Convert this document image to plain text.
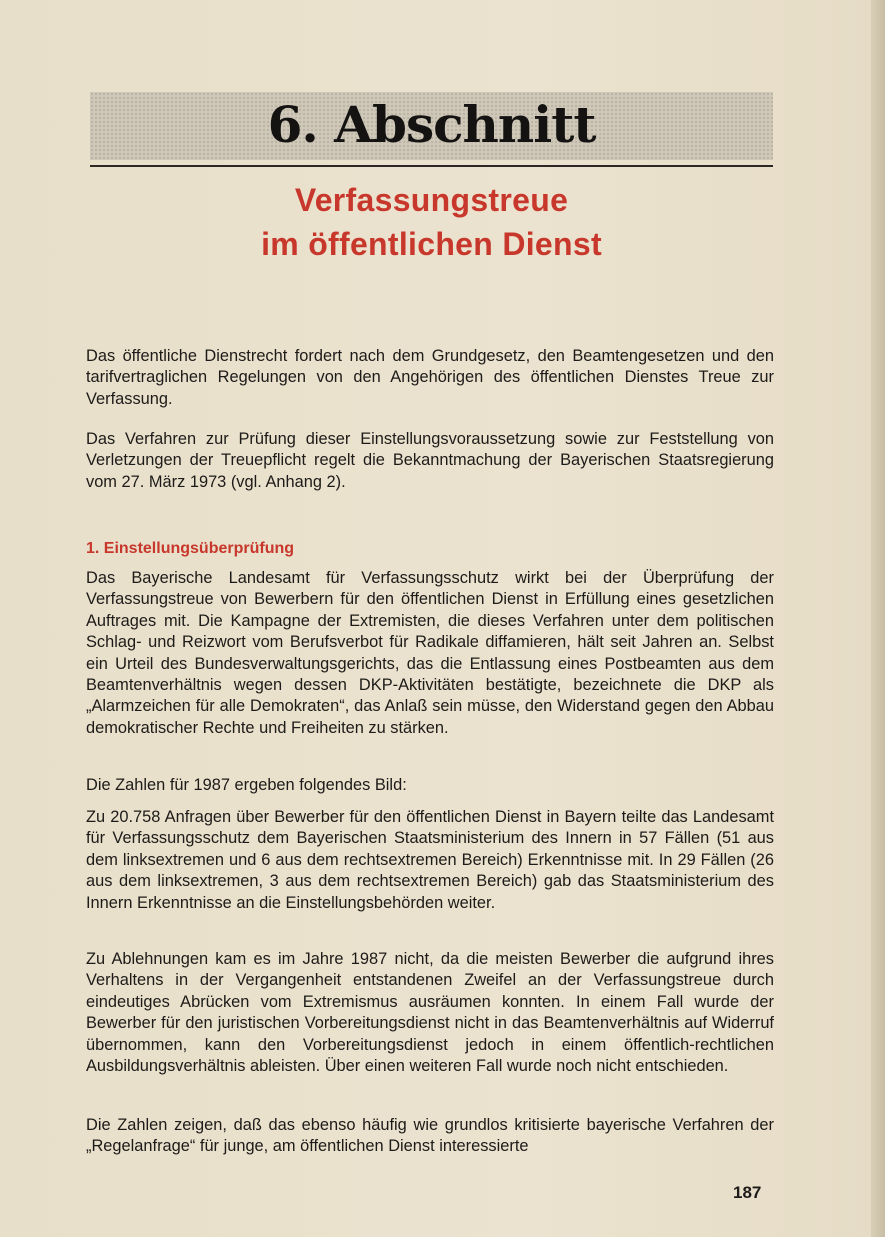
6. Abschnitt
Verfassungstreue
im öffentlichen Dienst

Das öffentliche Dienstrecht fordert nach dem Grundgesetz, den Beamtengesetzen und den tarifvertraglichen Regelungen von den Angehörigen des öffentlichen Dienstes Treue zur Verfassung.

Das Verfahren zur Prüfung dieser Einstellungsvoraussetzung sowie zur Feststellung von Verletzungen der Treuepflicht regelt die Bekanntmachung der Bayerischen Staatsregierung vom 27. März 1973 (vgl. Anhang 2).

1. Einstellungsüberprüfung

Das Bayerische Landesamt für Verfassungsschutz wirkt bei der Überprüfung der Verfassungstreue von Bewerbern für den öffentlichen Dienst in Erfüllung eines gesetzlichen Auftrages mit. Die Kampagne der Extremisten, die dieses Verfahren unter dem politischen Schlag- und Reizwort vom Berufsverbot für Radikale diffamieren, hält seit Jahren an. Selbst ein Urteil des Bundesverwaltungsgerichts, das die Entlassung eines Postbeamten aus dem Beamtenverhältnis wegen dessen DKP-Aktivitäten bestätigte, bezeichnete die DKP als „Alarmzeichen für alle Demokraten“, das Anlaß sein müsse, den Widerstand gegen den Abbau demokratischer Rechte und Freiheiten zu stärken.

Die Zahlen für 1987 ergeben folgendes Bild:

Zu 20.758 Anfragen über Bewerber für den öffentlichen Dienst in Bayern teilte das Landesamt für Verfassungsschutz dem Bayerischen Staatsministerium des Innern in 57 Fällen (51 aus dem linksextremen und 6 aus dem rechtsextremen Bereich) Erkenntnisse mit. In 29 Fällen (26 aus dem linksextremen, 3 aus dem rechtsextremen Bereich) gab das Staatsministerium des Innern Erkenntnisse an die Einstellungsbehörden weiter.

Zu Ablehnungen kam es im Jahre 1987 nicht, da die meisten Bewerber die aufgrund ihres Verhaltens in der Vergangenheit entstandenen Zweifel an der Verfassungstreue durch eindeutiges Abrücken vom Extremismus ausräumen konnten. In einem Fall wurde der Bewerber für den juristischen Vorbereitungsdienst nicht in das Beamtenverhältnis auf Widerruf übernommen, kann den Vorbereitungsdienst jedoch in einem öffentlich-rechtlichen Ausbildungsverhältnis ableisten. Über einen weiteren Fall wurde noch nicht entschieden.

Die Zahlen zeigen, daß das ebenso häufig wie grundlos kritisierte bayerische Verfahren der „Regelanfrage“ für junge, am öffentlichen Dienst interessierte

187
